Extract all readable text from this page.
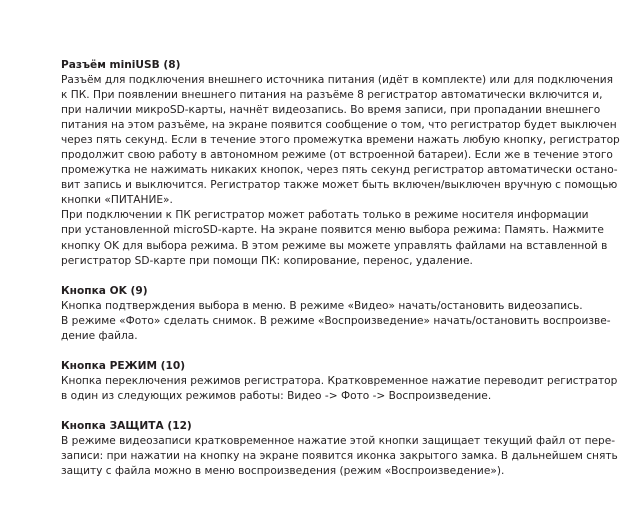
Разъём miniUSB (8)

Разъём для подключения внешнего источника питания (идёт в комплекте) или для подключения

к ПК. При появлении внешнего питания на разъёме 8 регистратор автоматически включится и,

при наличии микроSD-карты, начнёт видеозапись. Во время записи, при пропадании внешнего

питания на этом разъёме, на экране появится сообщение о том, что регистратор будет выключен

через пять секунд. Если в течение этого промежутка времени нажать любую кнопку, регистратор

продолжит свою работу в автономном режиме (от встроенной батареи). Если же в течение этого

промежутка не нажимать никаких кнопок, через пять секунд регистратор автоматически остано-

вит запись и выключится. Регистратор также может быть включен/выключен вручную с помощью

кнопки «ПИТАНИЕ».

При подключении к ПК регистратор может работать только в режиме носителя информации

при установленной microSD-карте. На экране появится меню выбора режима: Память. Нажмите

кнопку OK для выбора режима. В этом режиме вы можете управлять файлами на вставленной в

регистратор SD-карте при помощи ПК: копирование, перенос, удаление.

Кнопка OK (9)

Кнопка подтверждения выбора в меню. В режиме «Видео» начать/остановить видеозапись.

В режиме «Фото» сделать снимок. В режиме «Воспроизведение» начать/остановить воспроизве-

дение файла.

Кнопка РЕЖИМ (10)

Кнопка переключения режимов регистратора. Кратковременное нажатие переводит регистратор

в один из следующих режимов работы: Видео -> Фото -> Воспроизведение.

Кнопка ЗАЩИТА (12)

В режиме видеозаписи кратковременное нажатие этой кнопки защищает текущий файл от пере-

записи: при нажатии на кнопку на экране появится иконка закрытого замка. В дальнейшем снять

защиту с файла можно в меню воспроизведения (режим «Воспроизведение»).
